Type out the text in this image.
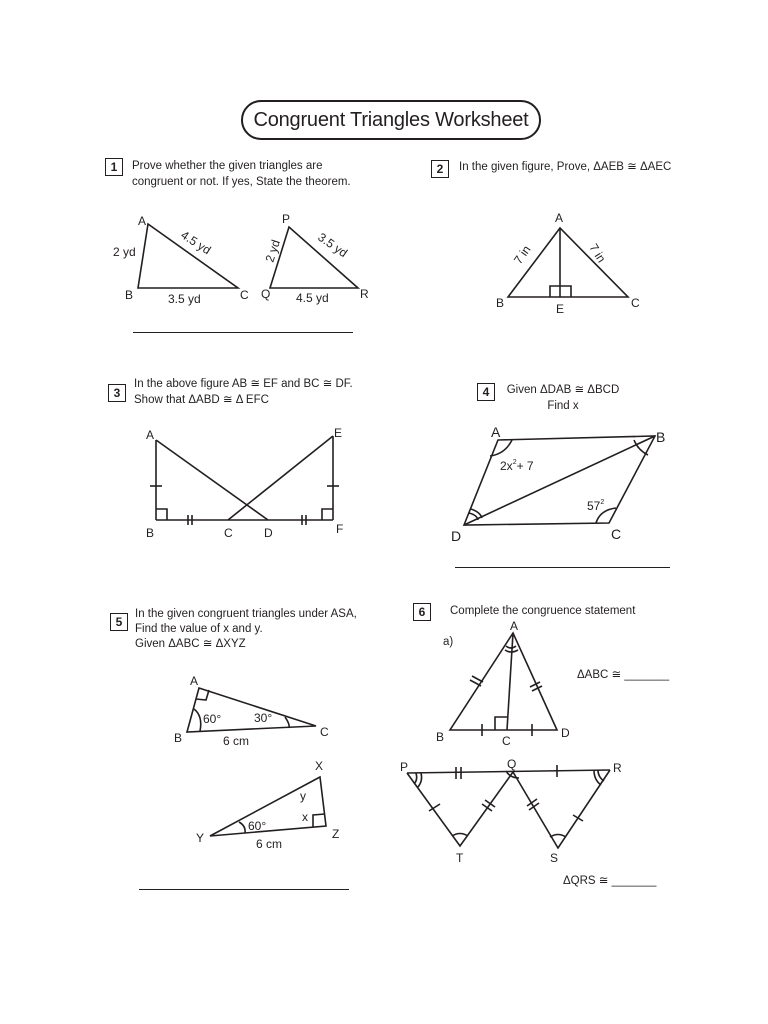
Congruent Triangles Worksheet
1	Prove whether the given triangles are
congruent or not. If yes, State the theorem.
A
B	C
2 yd	4.5 yd
3.5 yd
P
Q	R
2 yd	3.5 yd
4.5 yd
2	In the given figure, Prove, ΔAEB ≅ ΔAEC
A
B	C
E
7 in	7 in
3
In the above figure AB ≅ EF and BC ≅ DF.
Show that ΔABD ≅ Δ EFC
A
B	C	D
E
F
4	Given ΔDAB ≅ ΔBCD
Find x
A	B
C
D
$2x^2+ 7$
$57^2$
5
In the given congruent triangles under ASA,
Find the value of x and y.
Given ΔABC ≅ ΔXYZ
A
B	C
60°	30°
6 cm
X
Y	Z
60°
y
x
6 cm
6	Complete the congruence statement
a)
ΔABC ≅ _______
ΔQRS ≅ _______
A
B	C
D
P	Q	R
T	S
